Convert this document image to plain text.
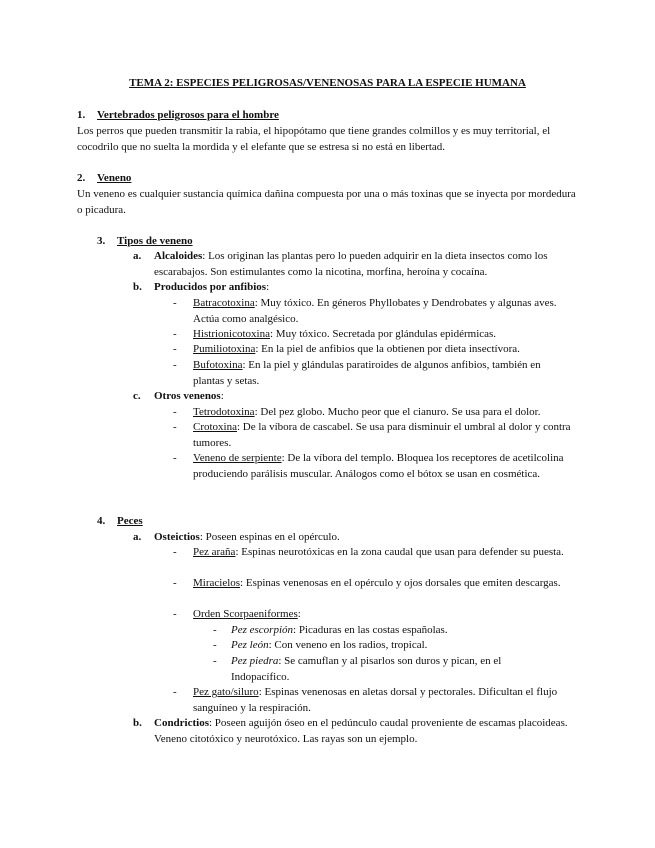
TEMA 2: ESPECIES PELIGROSAS/VENENOSAS PARA LA ESPECIE HUMANA
1. Vertebrados peligrosos para el hombre
Los perros que pueden transmitir la rabia, el hipopótamo que tiene grandes colmillos y es muy territorial, el cocodrilo que no suelta la mordida y el elefante que se estresa si no está en libertad.
2. Veneno
Un veneno es cualquier sustancia química dañina compuesta por una o más toxinas que se inyecta por mordedura o picadura.
3. Tipos de veneno
a. Alcaloides: Los originan las plantas pero lo pueden adquirir en la dieta insectos como los escarabajos. Son estimulantes como la nicotina, morfina, heroína y cocaína.
b. Producidos por anfibios:
- Batracotoxina: Muy tóxico. En géneros Phyllobates y Dendrobates y algunas aves. Actúa como analgésico.
- Histrionicotoxina: Muy tóxico. Secretada por glándulas epidérmicas.
- Pumiliotoxina: En la piel de anfibios que la obtienen por dieta insectívora.
- Bufotoxina: En la piel y glándulas paratiroides de algunos anfibios, también en plantas y setas.
c. Otros venenos:
- Tetrodotoxina: Del pez globo. Mucho peor que el cianuro. Se usa para el dolor.
- Crotoxina: De la víbora de cascabel. Se usa para disminuir el umbral al dolor y contra tumores.
- Veneno de serpiente: De la víbora del templo. Bloquea los receptores de acetilcolina produciendo parálisis muscular. Análogos como el bótox se usan en cosmética.
4. Peces
a. Osteictios: Poseen espinas en el opérculo.
- Pez araña: Espinas neurotóxicas en la zona caudal que usan para defender su puesta.
- Miracielos: Espinas venenosas en el opérculo y ojos dorsales que emiten descargas.
- Orden Scorpaeniformes:
- Pez escorpión: Picaduras en las costas españolas.
- Pez león: Con veneno en los radios, tropical.
- Pez piedra: Se camuflan y al pisarlos son duros y pican, en el Indopacífico.
- Pez gato/siluro: Espinas venenosas en aletas dorsal y pectorales. Dificultan el flujo sanguíneo y la respiración.
b. Condrictios: Poseen aguijón óseo en el pedúnculo caudal proveniente de escamas placoideas. Veneno citotóxico y neurotóxico. Las rayas son un ejemplo.
